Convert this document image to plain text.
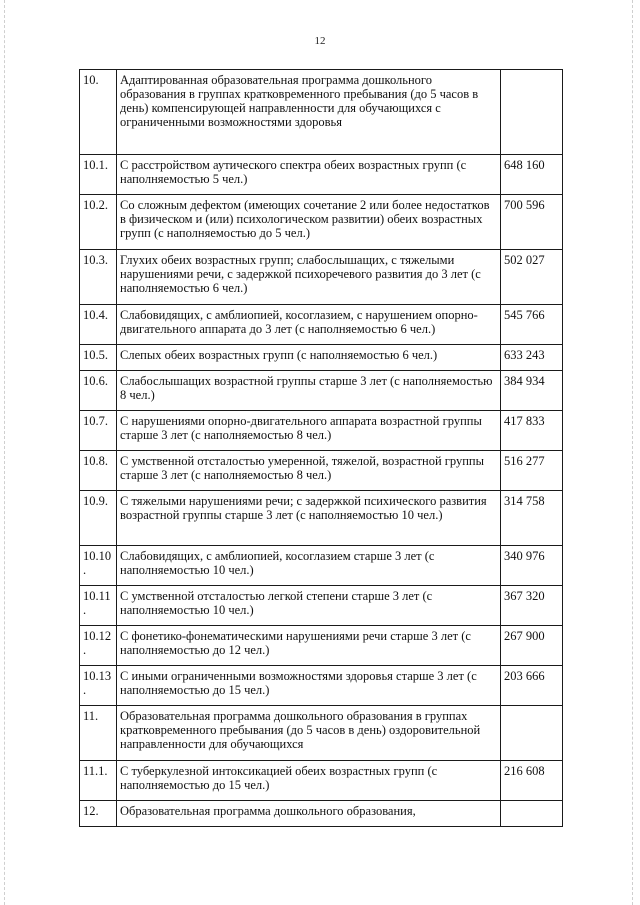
12
10.	Адаптированная образовательная программа дошкольного образования в группах кратковременного пребывания (до 5 часов в день) компенсирующей направленности для обучающихся с ограниченными возможностями здоровья	
10.1.	С расстройством аутического спектра обеих возрастных групп (с наполняемостью 5 чел.)	648 160
10.2.	Со сложным дефектом (имеющих сочетание 2 или более недостатков в физическом и (или) психологическом развитии) обеих возрастных групп (с наполняемостью до 5 чел.)	700 596
10.3.	Глухих обеих возрастных групп; слабослышащих, с тяжелыми нарушениями речи, с задержкой психоречевого развития до 3 лет (с наполняемостью 6 чел.)	502 027
10.4.	Слабовидящих, с амблиопией, косоглазием, с нарушением опорно-двигательного аппарата до 3 лет (с наполняемостью 6 чел.)	545 766
10.5.	Слепых обеих возрастных групп (с наполняемостью 6 чел.)	633 243
10.6.	Слабослышащих возрастной группы старше 3 лет (с наполняемостью 8 чел.)	384 934
10.7.	С нарушениями опорно-двигательного аппарата возрастной группы старше 3 лет (с наполняемостью 8 чел.)	417 833
10.8.	С умственной отсталостью умеренной, тяжелой, возрастной группы старше 3 лет (с наполняемостью 8 чел.)	516 277
10.9.	С тяжелыми нарушениями речи; с задержкой психического развития возрастной группы старше 3 лет (с наполняемостью 10 чел.)	314 758
10.10.	Слабовидящих, с амблиопией, косоглазием старше 3 лет (с наполняемостью 10 чел.)	340 976
10.11.	С умственной отсталостью легкой степени старше 3 лет (с наполняемостью 10 чел.)	367 320
10.12.	С фонетико-фонематическими нарушениями речи старше 3 лет (с наполняемостью до 12 чел.)	267 900
10.13.	С иными ограниченными возможностями здоровья старше 3 лет (с наполняемостью до 15 чел.)	203 666
11.	Образовательная программа дошкольного образования в группах кратковременного пребывания (до 5 часов в день) оздоровительной направленности для обучающихся	
11.1.	С туберкулезной интоксикацией обеих возрастных групп (с наполняемостью до 15 чел.)	216 608
12.	Образовательная программа дошкольного образования,	
